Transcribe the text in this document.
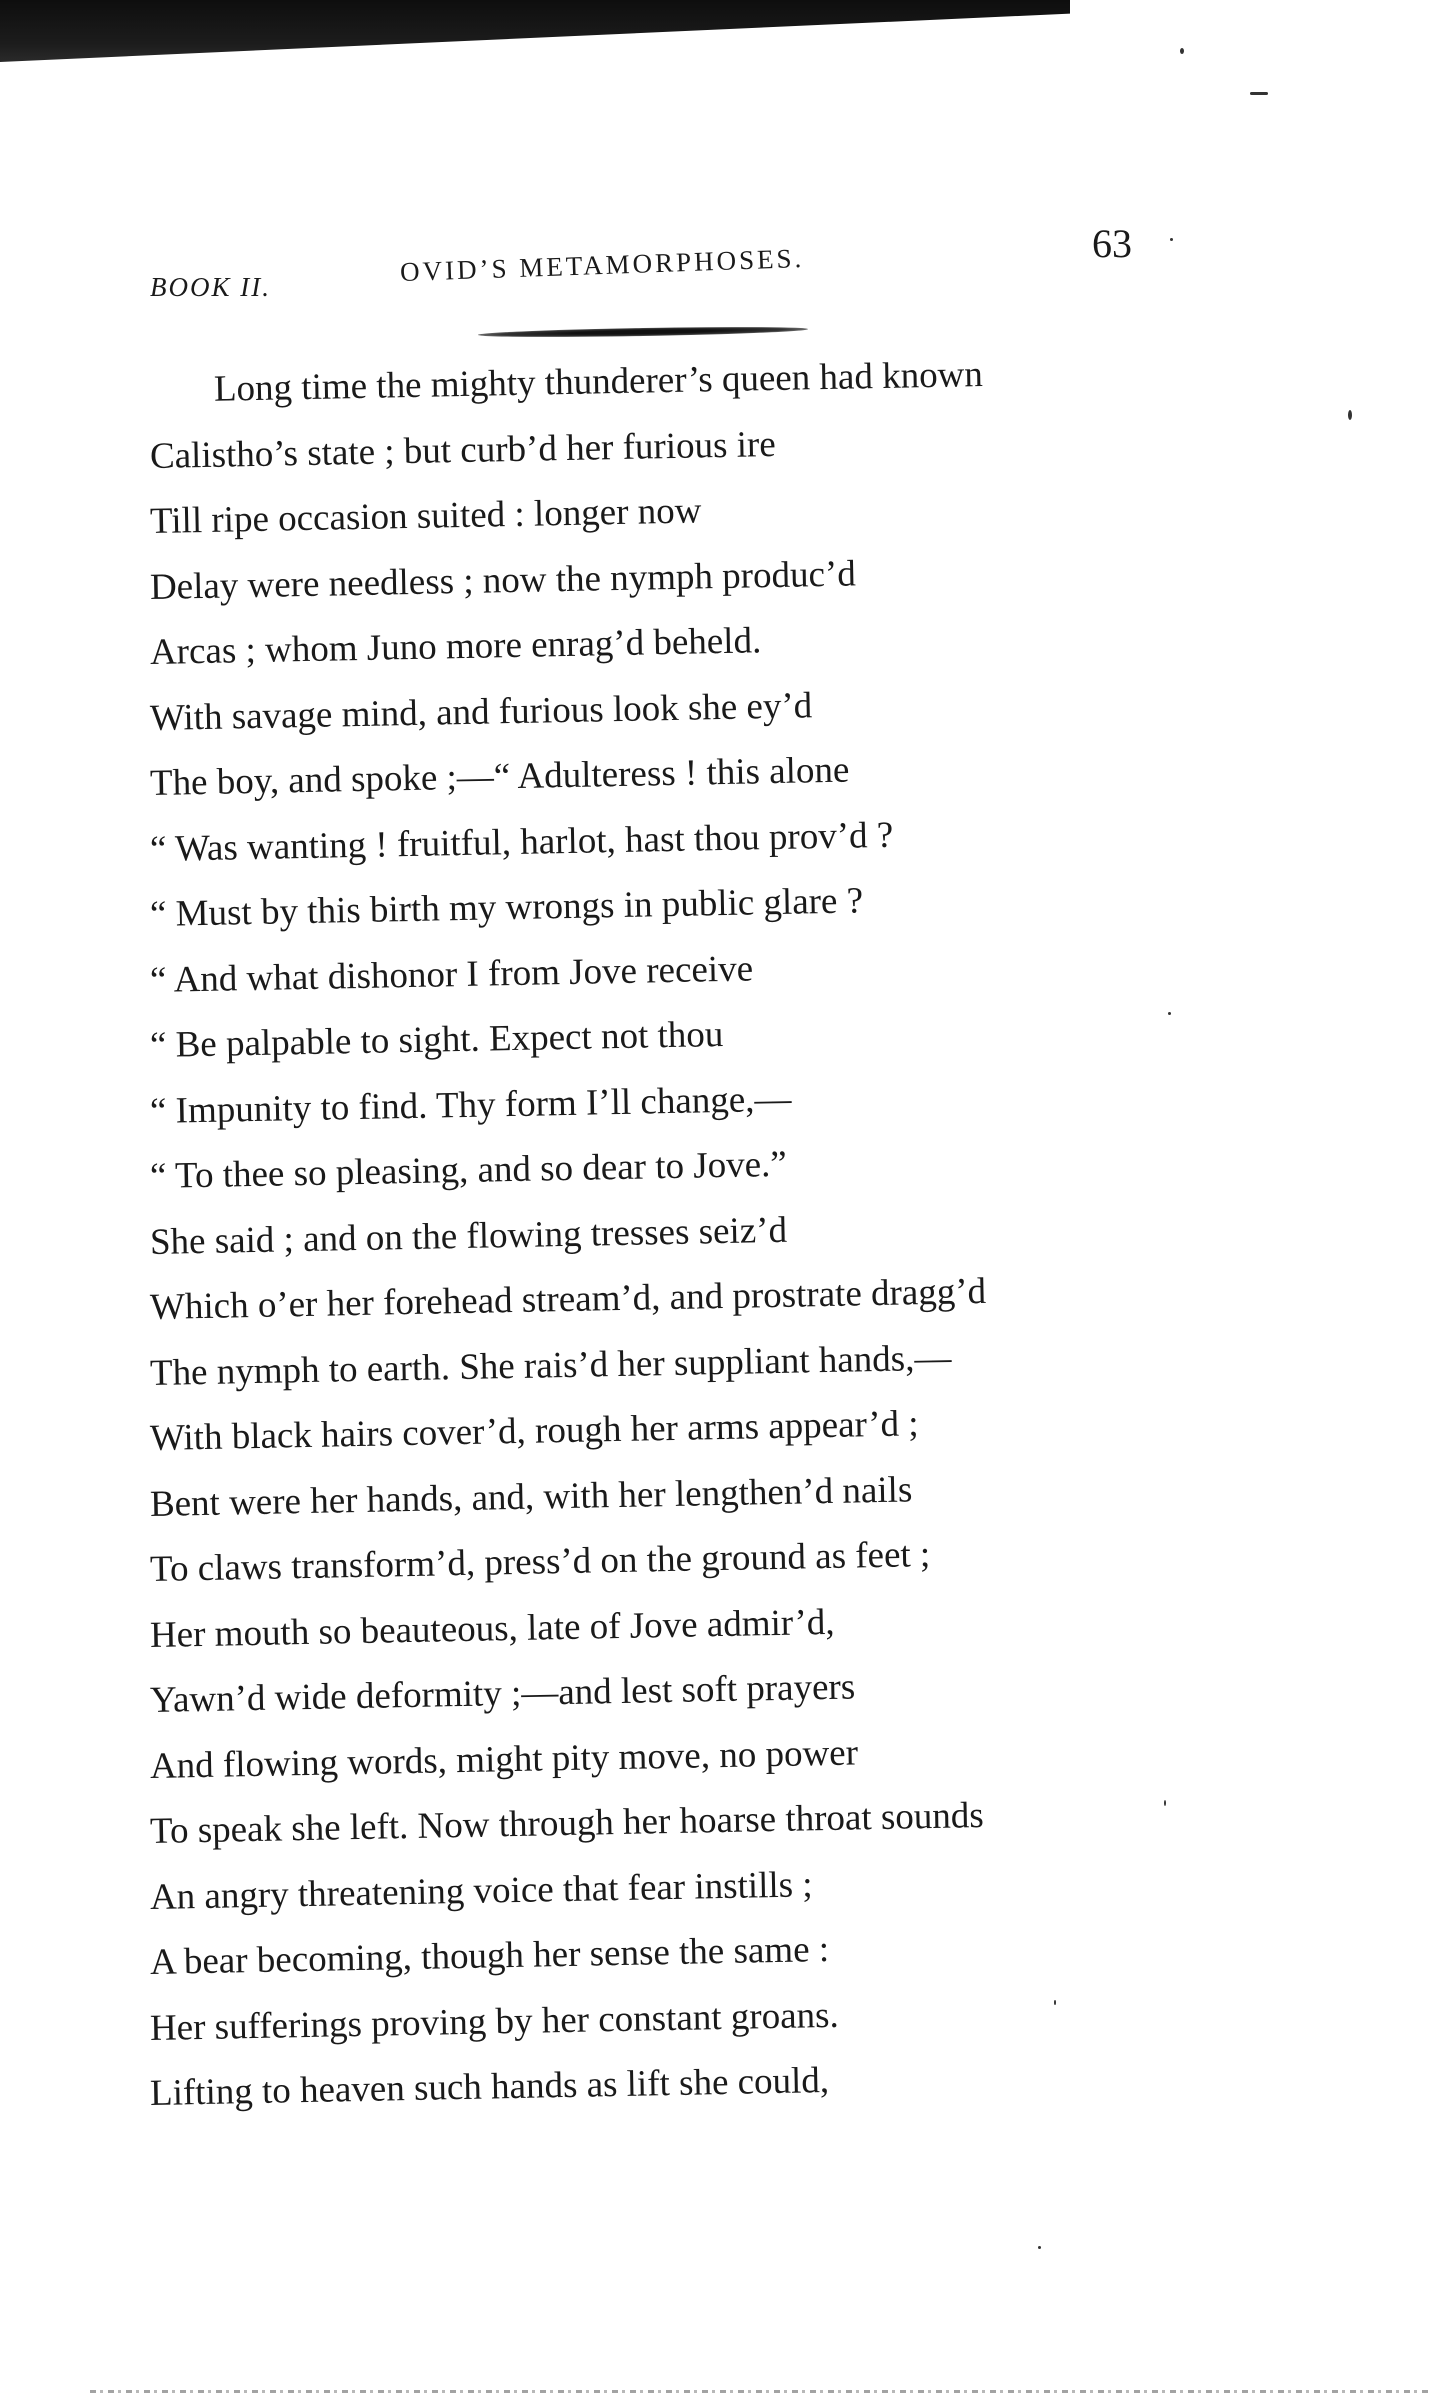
BOOK II.	OVID’S METAMORPHOSES.	63
Long time the mighty thunderer’s queen had known
Calistho’s state ; but curb’d her furious ire
Till ripe occasion suited : longer now
Delay were needless ; now the nymph produc’d
Arcas ; whom Juno more enrag’d beheld.
With savage mind, and furious look she ey’d
The boy, and spoke ;—“ Adulteress ! this alone
“ Was wanting ! fruitful, harlot, hast thou prov’d ?
“ Must by this birth my wrongs in public glare ?
“ And what dishonor I from Jove receive
“ Be palpable to sight. Expect not thou
“ Impunity to find. Thy form I’ll change,—
“ To thee so pleasing, and so dear to Jove.”
She said ; and on the flowing tresses seiz’d
Which o’er her forehead stream’d, and prostrate dragg’d
The nymph to earth. She rais’d her suppliant hands,—
With black hairs cover’d, rough her arms appear’d ;
Bent were her hands, and, with her lengthen’d nails
To claws transform’d, press’d on the ground as feet ;
Her mouth so beauteous, late of Jove admir’d,
Yawn’d wide deformity ;—and lest soft prayers
And flowing words, might pity move, no power
To speak she left. Now through her hoarse throat sounds
An angry threatening voice that fear instills ;
A bear becoming, though her sense the same :
Her sufferings proving by her constant groans.
Lifting to heaven such hands as lift she could,
